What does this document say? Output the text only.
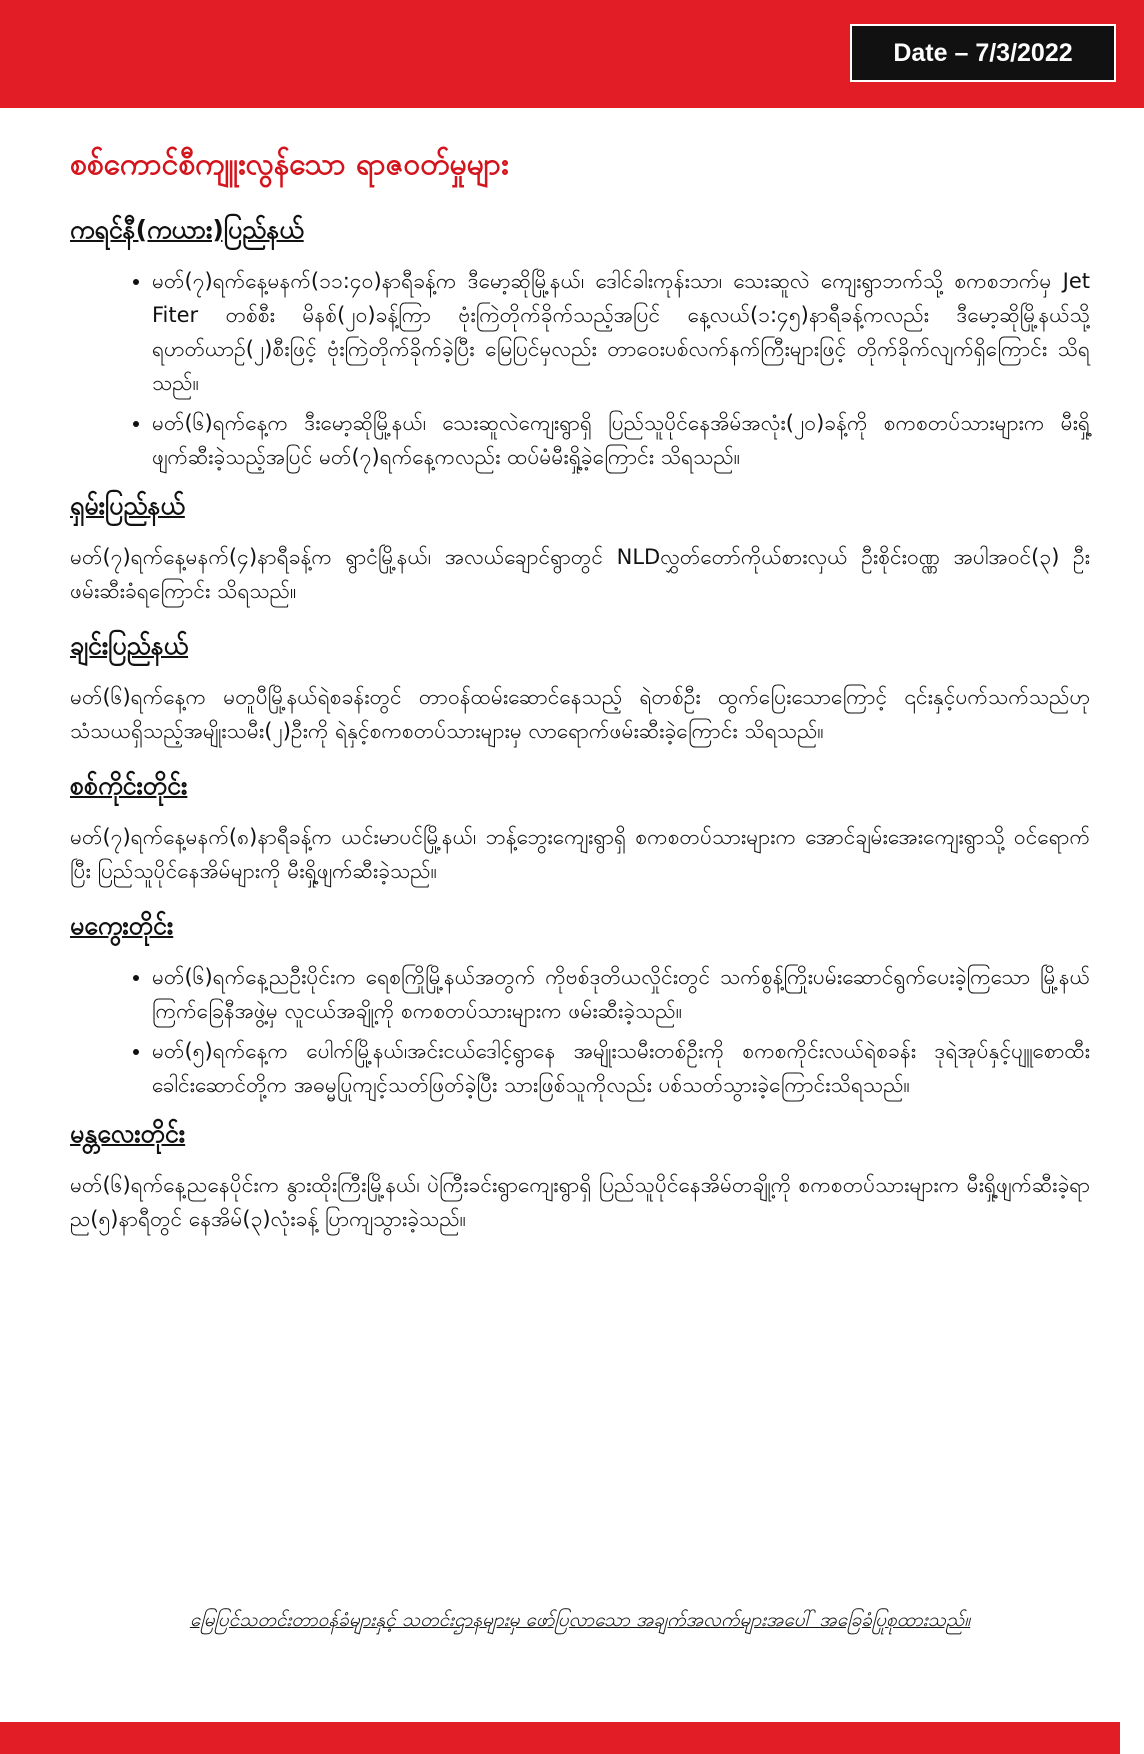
Date – 7/3/2022
စစ်ကောင်စီကျူးလွန်သော ရာဇဝတ်မှုများ
ကရင်နီ(ကယား)ပြည်နယ်
• မတ်(၇)ရက်နေ့မနက်(၁၁:၄၀)နာရီခန့်က ဒီမော့ဆိုမြို့နယ်၊ ဒေါင်ခါးကုန်းသာ၊ သေးဆူလဲ ကျေးရွာဘက်သို့ စကစဘက်မှ Jet Fiter တစ်စီး မိနစ်(၂၀)ခန့်ကြာ ဗုံးကြဲတိုက်ခိုက်သည့်အပြင် နေ့လယ်(၁:၄၅)နာရီခန့်ကလည်း ဒီမော့ဆိုမြို့နယ်သို့ ရဟတ်ယာဉ်(၂)စီးဖြင့် ဗုံးကြဲတိုက်ခိုက်ခဲ့ပြီး မြေပြင်မှလည်း တာဝေးပစ်လက်နက်ကြီးများဖြင့် တိုက်ခိုက်လျက်ရှိကြောင်း သိရသည်။
• မတ်(၆)ရက်နေ့က ဒီးမော့ဆိုမြို့နယ်၊ သေးဆူလဲကျေးရွာရှိ ပြည်သူပိုင်နေအိမ်အလုံး(၂၀)ခန့်ကို စကစတပ်သားများက မီးရှို့ဖျက်ဆီးခဲ့သည့်အပြင် မတ်(၇)ရက်နေ့ကလည်း ထပ်မံမီးရှို့ခဲ့ကြောင်း သိရသည်။
ရှမ်းပြည်နယ်

မတ်(၇)ရက်နေ့မနက်(၄)နာရီခန့်က ရွာငံမြို့နယ်၊ အလယ်ချောင်ရွာတွင် NLDလွှတ်တော်ကိုယ်စားလှယ် ဦးစိုင်းဝဏ္ဏ အပါအဝင်(၃) ဦး ဖမ်းဆီးခံရကြောင်း သိရသည်။

ချင်းပြည်နယ်

မတ်(၆)ရက်နေ့က မတူပီမြို့နယ်ရဲစခန်းတွင် တာဝန်ထမ်းဆောင်နေသည့် ရဲတစ်ဦး ထွက်ပြေးသောကြောင့် ၎င်းနှင့်ပက်သက်သည်ဟု သံသယရှိသည့်အမျိုးသမီး(၂)ဦးကို ရဲနှင့်စကစတပ်သားများမှ လာရောက်ဖမ်းဆီးခဲ့ကြောင်း သိရသည်။

စစ်ကိုင်းတိုင်း

မတ်(၇)ရက်နေ့မနက်(၈)နာရီခန့်က ယင်းမာပင်မြို့နယ်၊ ဘန့်ဘွေးကျေးရွာရှိ စကစတပ်သားများက အောင်ချမ်းအေးကျေးရွာသို့ ဝင်ရောက်ပြီး ပြည်သူပိုင်နေအိမ်များကို မီးရှို့ဖျက်ဆီးခဲ့သည်။

မကွေးတိုင်း
• မတ်(၆)ရက်နေ့ညဦးပိုင်းက ရေစကြိုမြို့နယ်အတွက် ကိုဗစ်ဒုတိယလှိုင်းတွင် သက်စွန့်ကြိုးပမ်းဆောင်ရွက်ပေးခဲ့ကြသော မြို့နယ်ကြက်ခြေနီအဖွဲ့မှ လူငယ်အချို့ကို စကစတပ်သားများက ဖမ်းဆီးခဲ့သည်။
• မတ်(၅)ရက်နေ့က ပေါက်မြို့နယ်၊အင်းငယ်ဒေါင့်ရွာနေ အမျိုးသမီးတစ်ဦးကို စကစကိုင်းလယ်ရဲစခန်း ဒုရဲအုပ်နှင့်ပျူစောထီးခေါင်းဆောင်တို့က အဓမ္မပြုကျင့်သတ်ဖြတ်ခဲ့ပြီး သားဖြစ်သူကိုလည်း ပစ်သတ်သွားခဲ့ကြောင်းသိရသည်။
မန္တလေးတိုင်း

မတ်(၆)ရက်နေ့ညနေပိုင်းက နွားထိုးကြီးမြို့နယ်၊ ပဲကြီးခင်းရွာကျေးရွာရှိ ပြည်သူပိုင်နေအိမ်တချို့ကို စကစတပ်သားများက မီးရှို့ဖျက်ဆီးခဲ့ရာ ည(၅)နာရီတွင် နေအိမ်(၃)လုံးခန့် ပြာကျသွားခဲ့သည်။

မြေပြင်သတင်းတာဝန်ခံများနှင့် သတင်းဌာနများမှ ဖော်ပြလာသော အချက်အလက်များအပေါ် အခြေခံပြုစုထားသည်။
